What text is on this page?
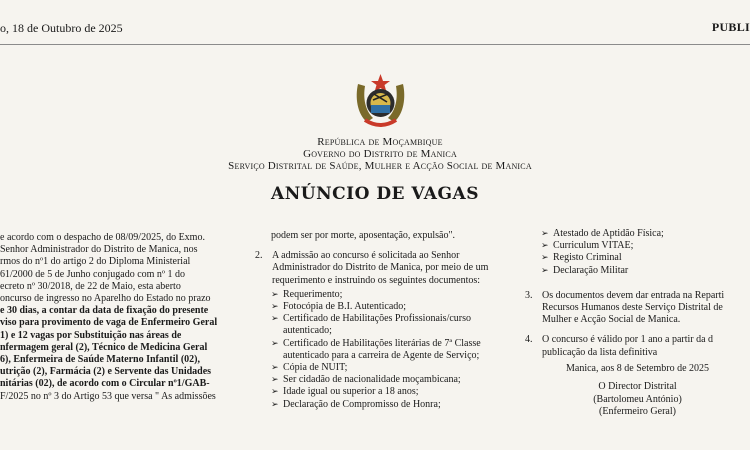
o, 18 de Outubro de 2025	PUBLI
República de Moçambique
Governo do Distrito de Manica
Serviço Distrital de Saúde, Mulher e Acção Social de Manica
ANÚNCIO DE VAGAS
e acordo com o despacho de 08/09/2025, do Exmo.
Senhor Administrador do Distrito de Manica, nos
rmos do nº1 do artigo 2 do Diploma Ministerial
61/2000 de 5 de Junho conjugado com nº 1 do
ecreto nº 30/2018, de 22 de Maio, esta aberto
oncurso de ingresso no Aparelho do Estado no prazo
e 30 dias, a contar da data de fixação do presente
viso para provimento de vaga de Enfermeiro Geral
1) e 12 vagas por Substituição nas áreas de
nfermagem geral (2), Técnico de Medicina Geral
6), Enfermeira de Saúde Materno Infantil (02),
utrição (2), Farmácia (2) e Servente das Unidades
nitárias (02), de acordo com o Circular nº1/GAB-
F/2025 no nº 3 do Artigo 53 que versa " As admissões
podem ser por morte, aposentação, expulsão".
2. A admissão ao concurso é solicitada ao Senhor Administrador do Distrito de Manica, por meio de um requerimento e instruindo os seguintes documentos:
➢ Requerimento;
➢ Fotocópia de B.I. Autenticado;
➢ Certificado de Habilitações Profissionais/curso autenticado;
➢ Certificado de Habilitações literárias de 7ª Classe autenticado para a carreira de Agente de Serviço;
➢ Cópia de NUIT;
➢ Ser cidadão de nacionalidade moçambicana;
➢ Idade igual ou superior a 18 anos;
➢ Declaração de Compromisso de Honra;
➢ Atestado de Aptidão Física;
➢ Curriculum VITAE;
➢ Registo Criminal
➢ Declaração Militar
3. Os documentos devem dar entrada na Reparti Recursos Humanos deste Serviço Distrital de Mulher e Acção Social de Manica.
4. O concurso é válido por 1 ano a partir da d publicação da lista definitiva
Manica, aos 8 de Setembro de 2025
O Director Distrital
(Bartolomeu António)
(Enfermeiro Geral)
